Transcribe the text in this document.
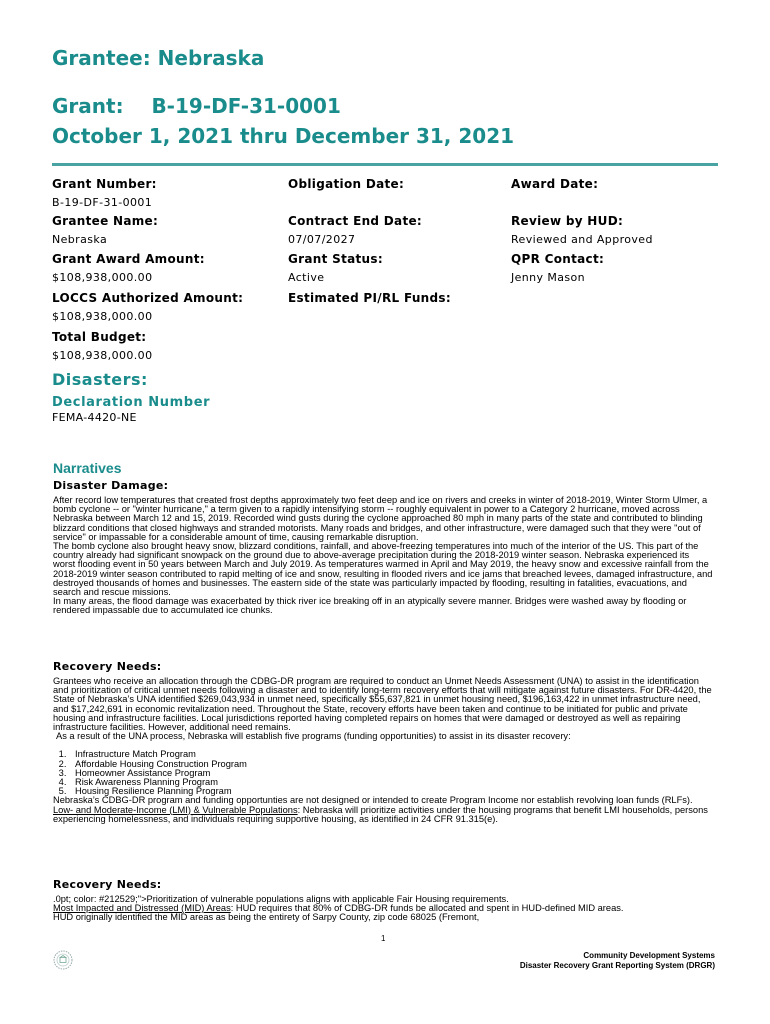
Grantee: Nebraska
Grant: B-19-DF-31-0001
October 1, 2021 thru December 31, 2021
Grant Number:
B-19-DF-31-0001
Obligation Date:	Award Date:
Grantee Name:
Nebraska
Contract End Date:
07/07/2027
Review by HUD:
Reviewed and Approved
Grant Award Amount:
$108,938,000.00
Grant Status:
Active
QPR Contact:
Jenny Mason
LOCCS Authorized Amount:
$108,938,000.00
Estimated PI/RL Funds:
Total Budget:
$108,938,000.00
Disasters:
Declaration Number
FEMA-4420-NE
Narratives
Disaster Damage:

After record low temperatures that created frost depths approximately two feet deep and ice on rivers and creeks in winter of 2018-2019, Winter Storm Ulmer, a bomb cyclone -- or "winter hurricane," a term given to a rapidly intensifying storm -- roughly equivalent in power to a Category 2 hurricane, moved across Nebraska between March 12 and 15, 2019. Recorded wind gusts during the cyclone approached 80 mph in many parts of the state and contributed to blinding blizzard conditions that closed highways and stranded motorists. Many roads and bridges, and other infrastructure, were damaged such that they were "out of service" or impassable for a considerable amount of time, causing remarkable disruption.

The bomb cyclone also brought heavy snow, blizzard conditions, rainfall, and above-freezing temperatures into much of the interior of the US. This part of the country already had significant snowpack on the ground due to above-average precipitation during the 2018-2019 winter season. Nebraska experienced its worst flooding event in 50 years between March and July 2019. As temperatures warmed in April and May 2019, the heavy snow and excessive rainfall from the 2018-2019 winter season contributed to rapid melting of ice and snow, resulting in flooded rivers and ice jams that breached levees, damaged infrastructure, and destroyed thousands of homes and businesses. The eastern side of the state was particularly impacted by flooding, resulting in fatalities, evacuations, and search and rescue missions.

In many areas, the flood damage was exacerbated by thick river ice breaking off in an atypically severe manner. Bridges were washed away by flooding or rendered impassable due to accumulated ice chunks.

Recovery Needs:

Grantees who receive an allocation through the CDBG-DR program are required to conduct an Unmet Needs Assessment (UNA) to assist in the identification and prioritization of critical unmet needs following a disaster and to identify long-term recovery efforts that will mitigate against future disasters. For DR-4420, the State of Nebraska’s UNA identified $269,043,934 in unmet need, specifically $55,637,821 in unmet housing need, $196,163,422 in unmet infrastructure need, and $17,242,691 in economic revitalization need. Throughout the State, recovery efforts have been taken and continue to be initiated for public and private housing and infrastructure facilities. Local jurisdictions reported having completed repairs on homes that were damaged or destroyed as well as repairing infrastructure facilities. However, additional need remains.

As a result of the UNA process, Nebraska will establish five programs (funding opportunities) to assist in its disaster recovery:

1. Infrastructure Match Program
2. Affordable Housing Construction Program
3. Homeowner Assistance Program
4. Risk Awareness Planning Program
5. Housing Resilience Planning Program

Nebraska’s CDBG-DR program and funding opportunties are not designed or intended to create Program Income nor establish revolving loan funds (RLFs).

Low- and Moderate-Income (LMI) & Vulnerable Populations: Nebraska will prioritize activities under the housing programs that benefit LMI households, persons experiencing homelessness, and individuals requiring supportive housing, as identified in 24 CFR 91.315(e).

Recovery Needs:

.0pt; color: #212529;">Prioritization of vulnerable populations aligns with applicable Fair Housing requirements.

Most Impacted and Distressed (MID) Areas: HUD requires that 80% of CDBG-DR funds be allocated and spent in HUD-defined MID areas.

HUD originally identified the MID areas as being the entirety of Sarpy County, zip code 68025 (Fremont,

1
Community Development Systems
Disaster Recovery Grant Reporting System (DRGR)
